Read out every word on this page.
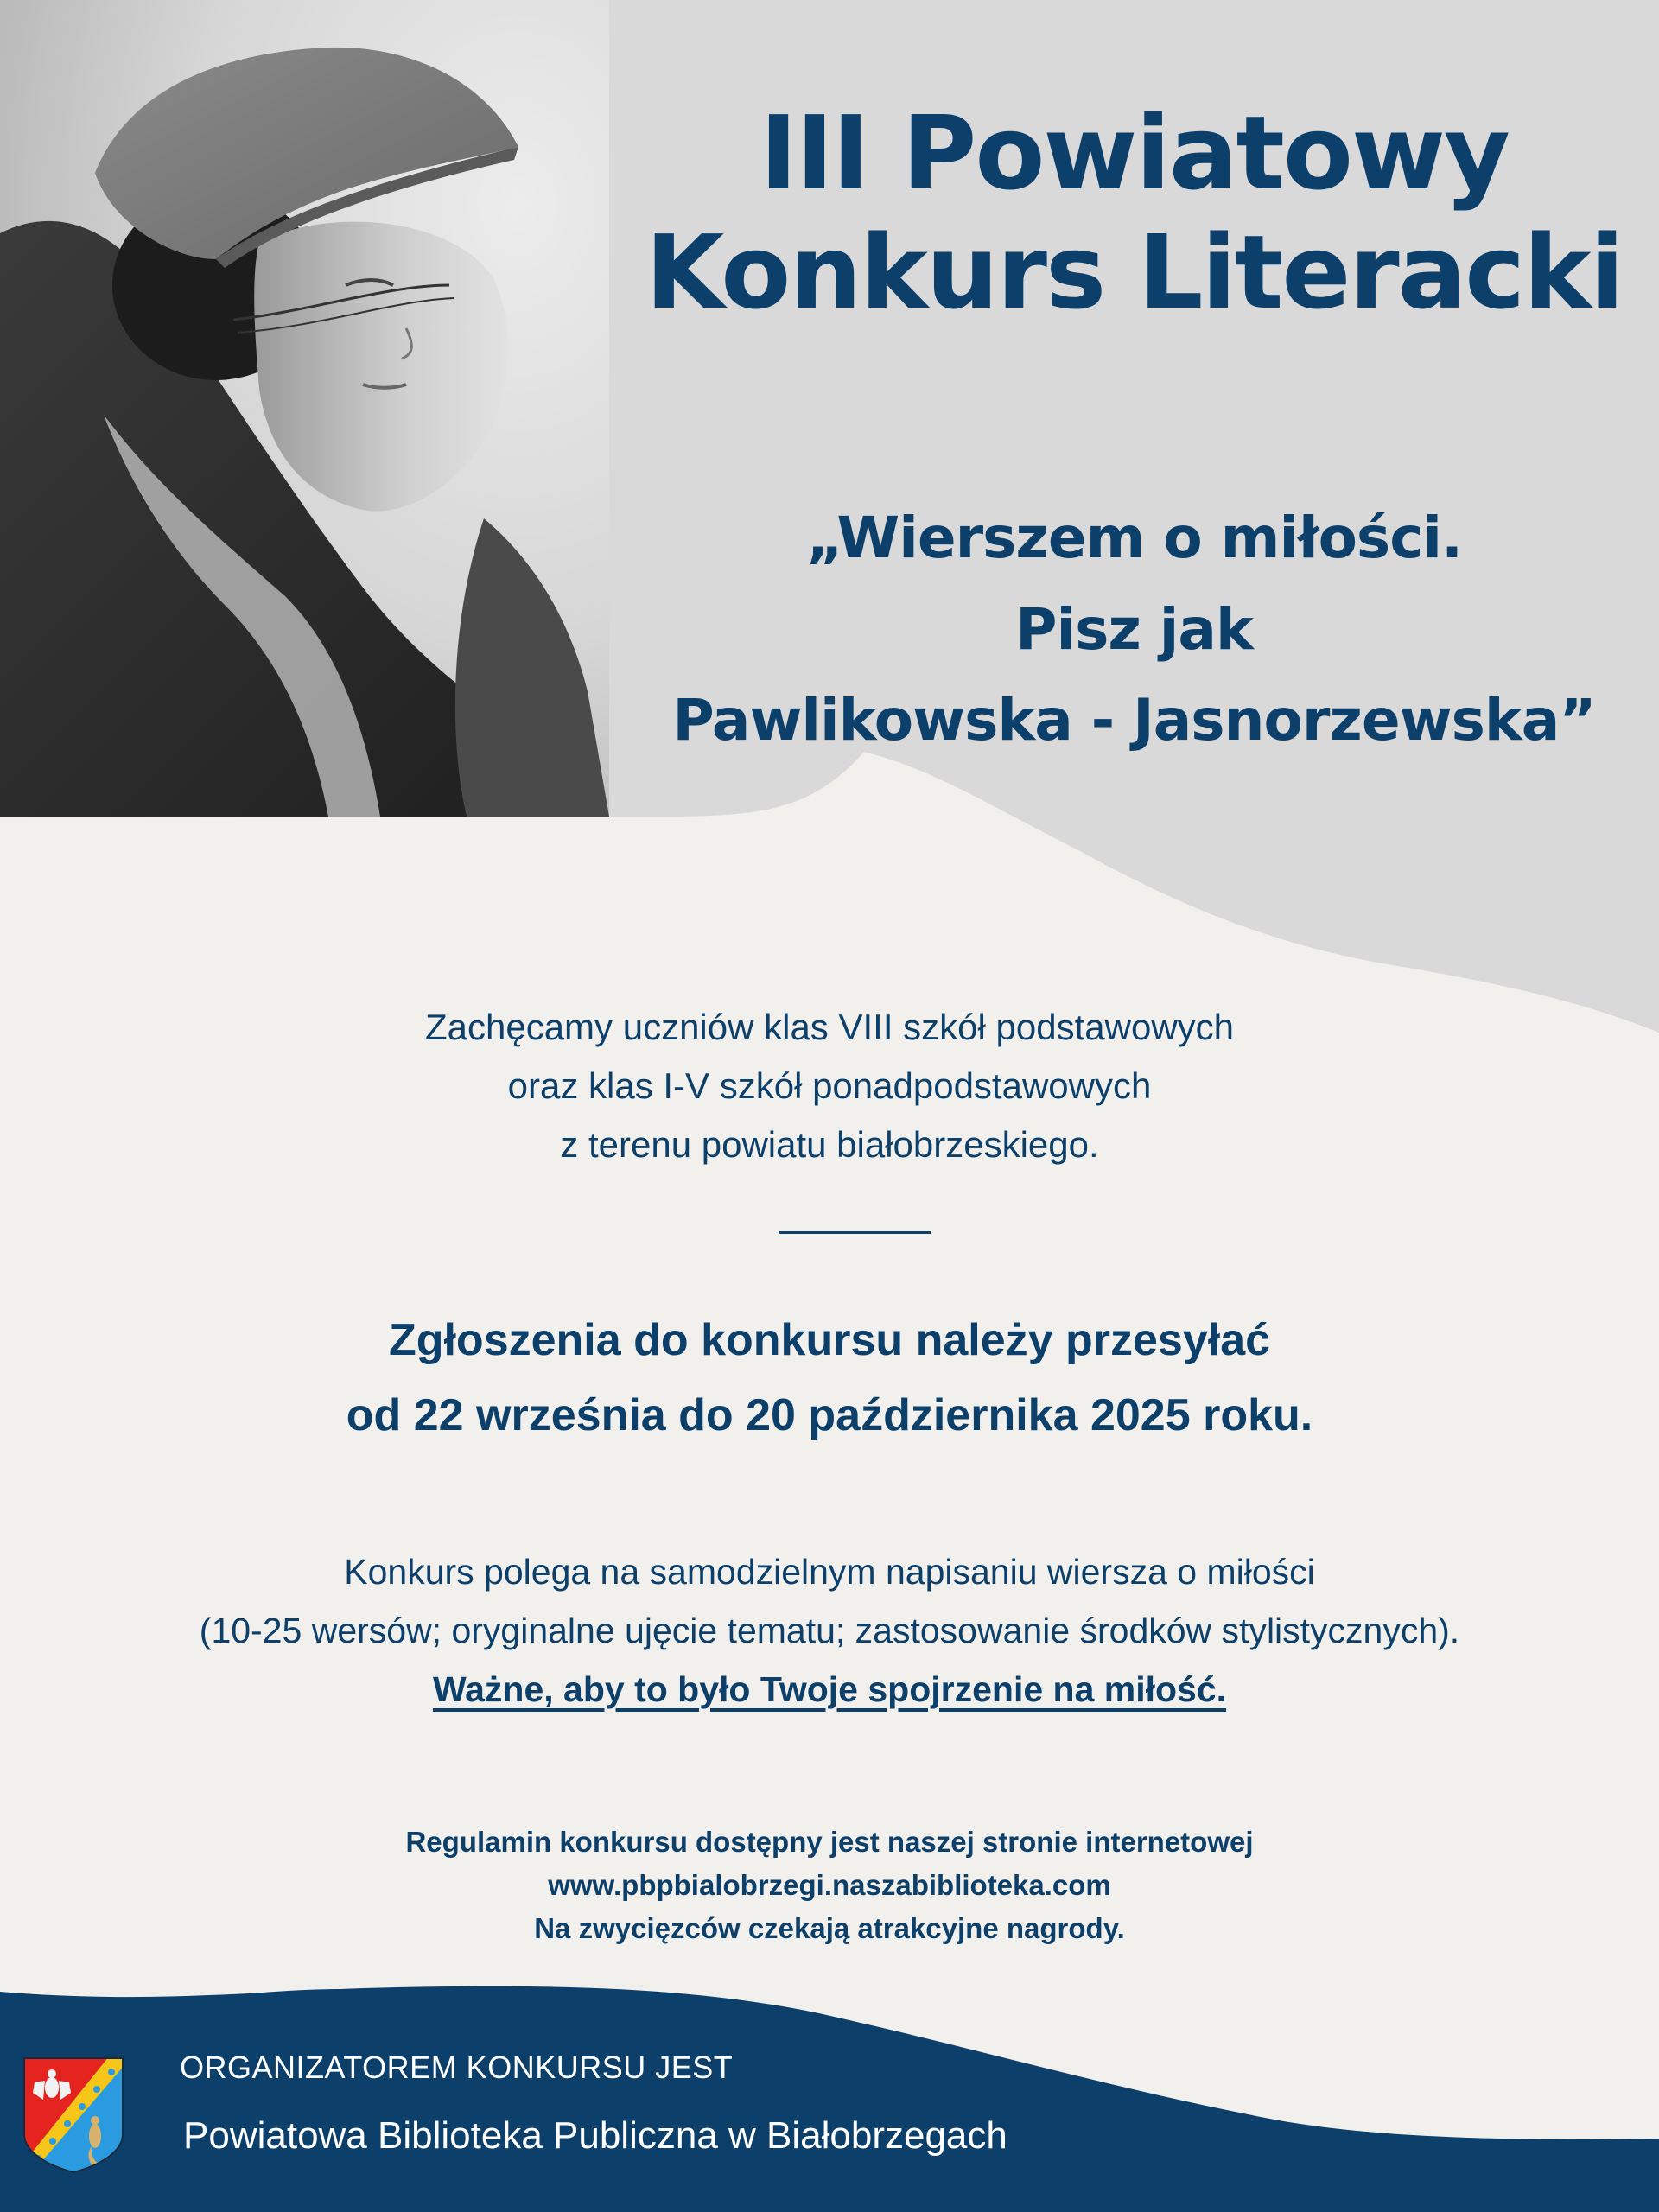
III Powiatowy
Konkurs Literacki
„Wierszem o miłości.
Pisz jak
Pawlikowska - Jasnorzewska”
Zachęcamy uczniów klas VIII szkół podstawowych
oraz klas I-V szkół ponadpodstawowych
z terenu powiatu białobrzeskiego.
Zgłoszenia do konkursu należy przesyłać
od 22 września do 20 października 2025 roku.
Konkurs polega na samodzielnym napisaniu wiersza o miłości
(10-25 wersów; oryginalne ujęcie tematu; zastosowanie środków stylistycznych).
Ważne, aby to było Twoje spojrzenie na miłość.
Regulamin konkursu dostępny jest naszej stronie internetowej
www.pbpbialobrzegi.naszabiblioteka.com
Na zwycięzców czekają atrakcyjne nagrody.
ORGANIZATOREM KONKURSU JEST
Powiatowa Biblioteka Publiczna w Białobrzegach
